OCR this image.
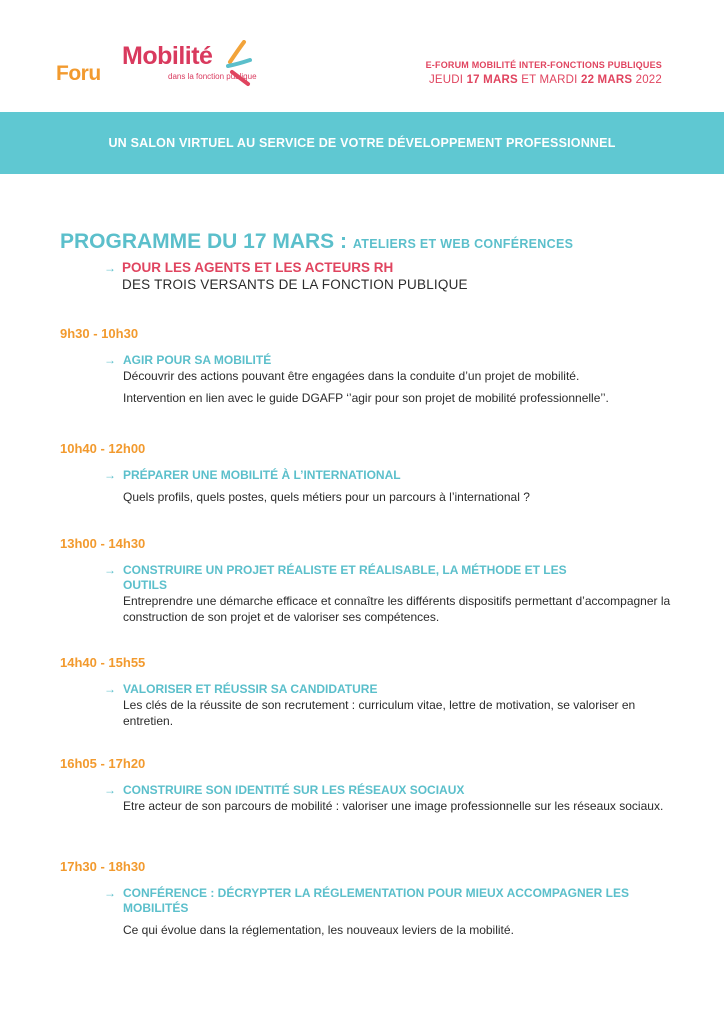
Foru
Mobilité
dans la fonction publique
E-FORUM MOBILITÉ INTER-FONCTIONS PUBLIQUES
JEUDI 17 MARS ET MARDI 22 MARS 2022
UN SALON VIRTUEL AU SERVICE DE VOTRE DÉVELOPPEMENT PROFESSIONNEL
PROGRAMME DU 17 MARS : ATELIERS ET WEB CONFÉRENCES
→ POUR LES AGENTS ET LES ACTEURS RH
DES TROIS VERSANTS DE LA FONCTION PUBLIQUE
9h30 - 10h30
→ AGIR POUR SA MOBILITÉ

Découvrir des actions pouvant être engagées dans la conduite d’un projet de mobilité.

Intervention en lien avec le guide DGAFP ‘’agir pour son projet de mobilité professionnelle’’.

10h40 - 12h00
→ PRÉPARER UNE MOBILITÉ À L’INTERNATIONAL

Quels profils, quels postes, quels métiers pour un parcours à l’international ?

13h00 - 14h30
→ CONSTRUIRE UN PROJET RÉALISTE ET RÉALISABLE, LA MÉTHODE ET LES OUTILS

Entreprendre une démarche efficace et connaître les différents dispositifs permettant d’accompagner la construction de son projet et de valoriser ses compétences.

14h40 - 15h55
→ VALORISER ET RÉUSSIR SA CANDIDATURE

Les clés de la réussite de son recrutement : curriculum vitae, lettre de motivation, se valoriser en entretien.

16h05 - 17h20
→ CONSTRUIRE SON IDENTITÉ SUR LES RÉSEAUX SOCIAUX

Etre acteur de son parcours de mobilité : valoriser une image professionnelle sur les réseaux sociaux.

17h30 - 18h30
→ CONFÉRENCE : DÉCRYPTER LA RÉGLEMENTATION POUR MIEUX ACCOMPAGNER LES MOBILITÉS

Ce qui évolue dans la réglementation, les nouveaux leviers de la mobilité.
